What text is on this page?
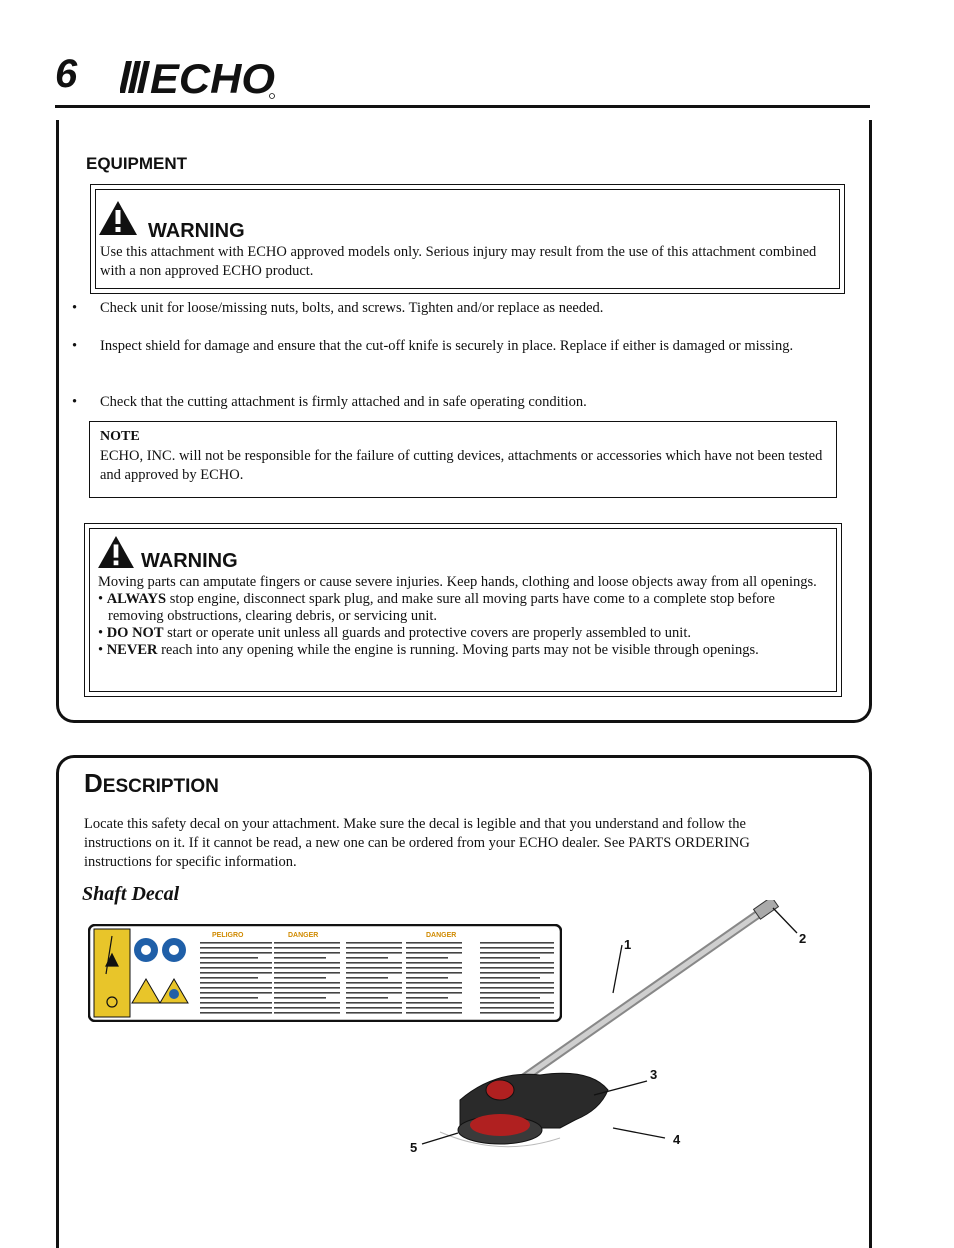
6 ECHO
EQUIPMENT
WARNING
Use this attachment with ECHO approved models only. Serious injury may result from the use of this attachment combined with a non approved ECHO product.
• Check unit for loose/missing nuts, bolts, and screws. Tighten and/or replace as needed.
• Inspect shield for damage and ensure that the cut-off knife is securely in place. Replace if either is damaged or missing.
• Check that the cutting attachment is firmly attached and in safe operating condition.
NOTE
ECHO, INC. will not be responsible for the failure of cutting devices, attachments or accessories which have not been tested and approved by ECHO.
WARNING
Moving parts can amputate fingers or cause severe injuries. Keep hands, clothing and loose objects away from all openings.
• ALWAYS stop engine, disconnect spark plug, and make sure all moving parts have come to a complete stop before removing obstructions, clearing debris, or servicing unit.
• DO NOT start or operate unit unless all guards and protective covers are properly assembled to unit.
• NEVER reach into any opening while the engine is running. Moving parts may not be visible through openings.
DESCRIPTION
Locate this safety decal on your attachment. Make sure the decal is legible and that you understand and follow the instructions on it. If it cannot be read, a new one can be ordered from your ECHO dealer. See PARTS ORDERING instructions for specific information.
Shaft Decal
PELIGRO	DANGER	DANGER
1	2
3
4
5
